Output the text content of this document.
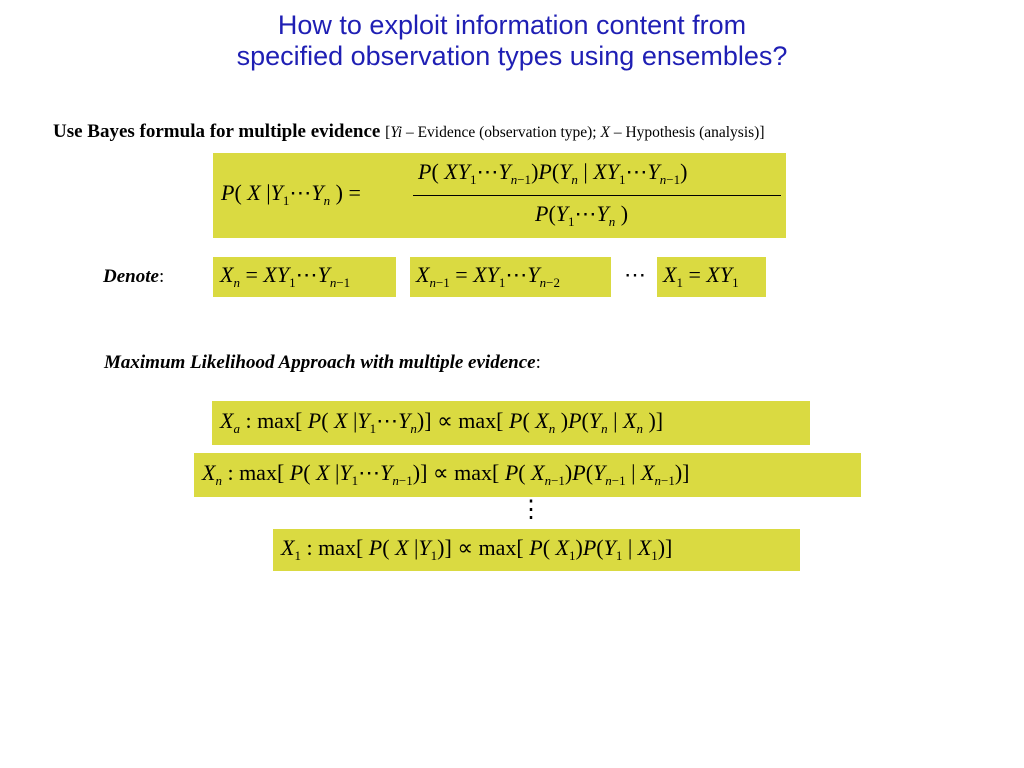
How to exploit information content from
specified observation types using ensembles?
Use Bayes formula for multiple evidence [Yi – Evidence (observation type); X – Hypothesis (analysis)]
P( X $|Y_1\cdots Y_n$ ) =
P( $XY_1\cdots Y_{n-1})P(Y_n$ | $XY_1\cdots Y_{n-1}$)
$P(Y_1\cdots Y_n$ )
Denote:	$X_n$ = $XY_1\cdots Y_{n-1}$	$X_{n-1}$ = $XY_1\cdots Y_{n-2}$	⋯ $X_1 = XY_1$
Maximum Likelihood Approach with multiple evidence:
$X_a$ : max[ P( X $|Y_1\cdots Y_n)] \propto \max$[ P( $X_n$ )$P(Y_n$ | $X_n$ )]
$X_n$ : max[ P( X $|Y_1\cdots Y_{n-1})] \propto \max$[ P( $X_{n-1})P(Y_{n-1}$ | $X_{n-1}$)]
⋮
$X_1$ : max[ P( X $|Y_1)] \propto \max$[ P( $X_1)P(Y_1$ | $X_1$)]
